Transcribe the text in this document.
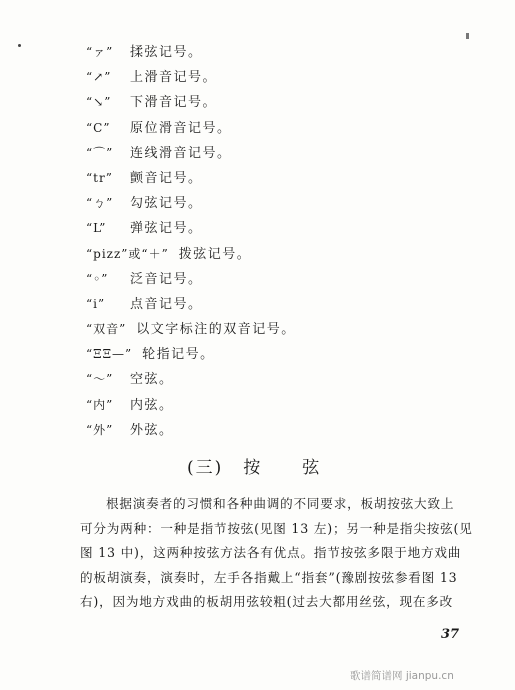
“ァ”	揉弦记号。
“↗”	上滑音记号。
“↘”	下滑音记号。
“C”	原位滑音记号。
“⌒”	连线滑音记号。
“tr”	颤音记号。
“ㄅ”	勾弦记号。
“L”	弹弦记号。
“pizz”或“＋” 拨弦记号。
“◦”	泛音记号。
“ⅰ”	点音记号。
“双音” 以文字标注的双音记号。
“ΞΞ—” 轮指记号。
“～”	空弦。
“内”	内弦。
“外”	外弦。
(三) 按 弦
根据演奏者的习惯和各种曲调的不同要求，板胡按弦大致上
可分为两种：一种是指节按弦(见图 13 左)；另一种是指尖按弦(见
图 13 中)，这两种按弦方法各有优点。指节按弦多限于地方戏曲
的板胡演奏，演奏时，左手各指戴上“指套”(豫剧按弦参看图 13
右)，因为地方戏曲的板胡用弦较粗(过去大都用丝弦，现在多改
37
歌谱简谱网 jianpu.cn
